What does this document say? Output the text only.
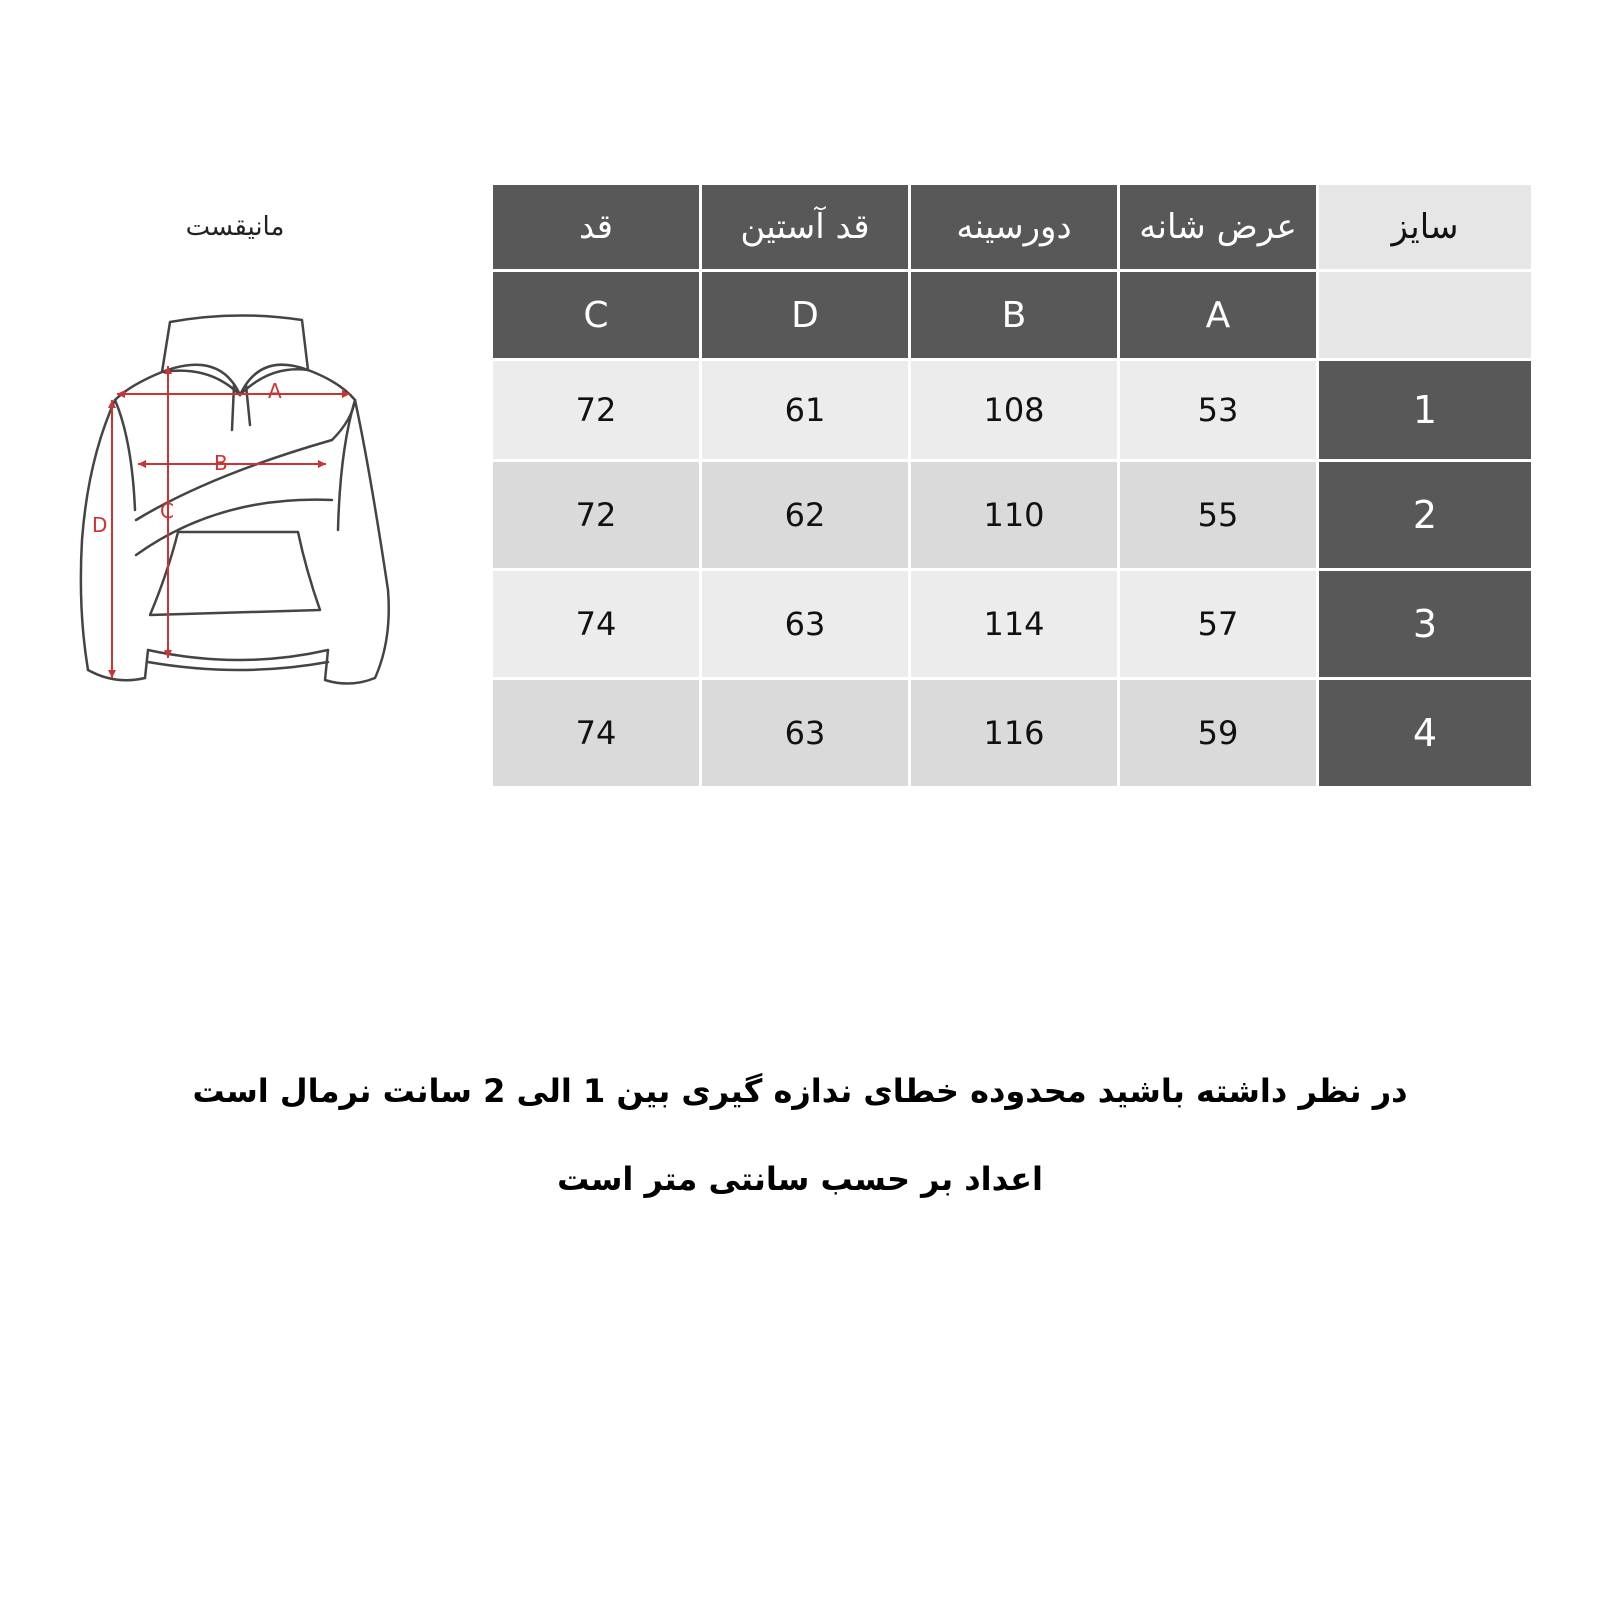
مانیقست
A
B
C
D
قد	قد آستین	دورسینه	عرض شانه	سایز
C	D	B	A
72	61	108	53	1
72	62	110	55	2
74	63	114	57	3
74	63	116	59	4
در نظر داشته باشید محدوده خطای ندازه گیری بین 1 الی 2 سانت نرمال است
اعداد بر حسب سانتی متر است
